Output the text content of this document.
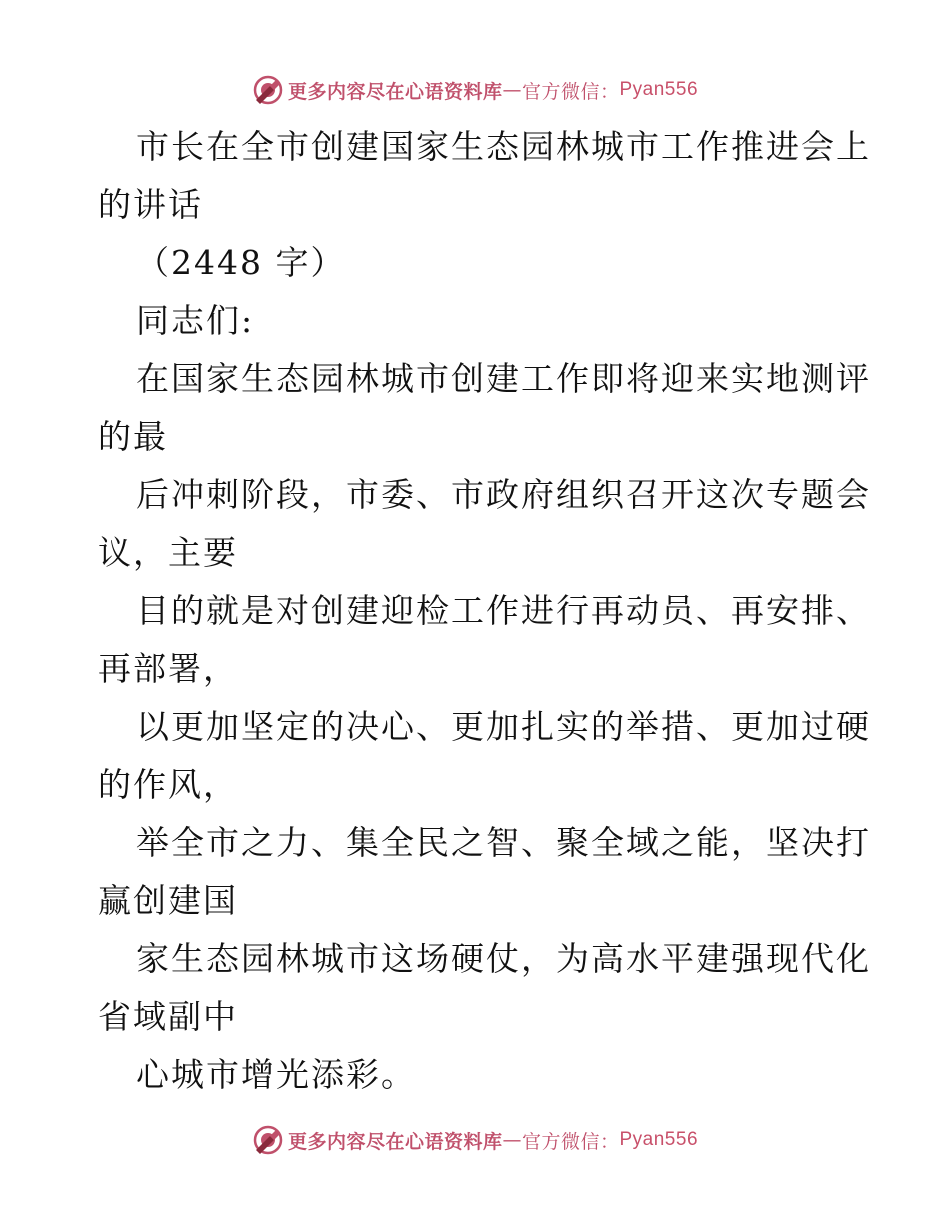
更多内容尽在心语资料库 — 官方微信： Pyan556
市长在全市创建国家生态园林城市工作推进会上
的讲话
（2448 字）
同志们:
在国家生态园林城市创建工作即将迎来实地测评
的最
后冲刺阶段，市委、市政府组织召开这次专题会
议，主要
目的就是对创建迎检工作进行再动员、再安排、
再部署，
以更加坚定的决心、更加扎实的举措、更加过硬
的作风，
举全市之力、集全民之智、聚全域之能，坚决打
赢创建国
家生态园林城市这场硬仗，为高水平建强现代化
省域副中
心城市增光添彩。
更多内容尽在心语资料库 — 官方微信： Pyan556
